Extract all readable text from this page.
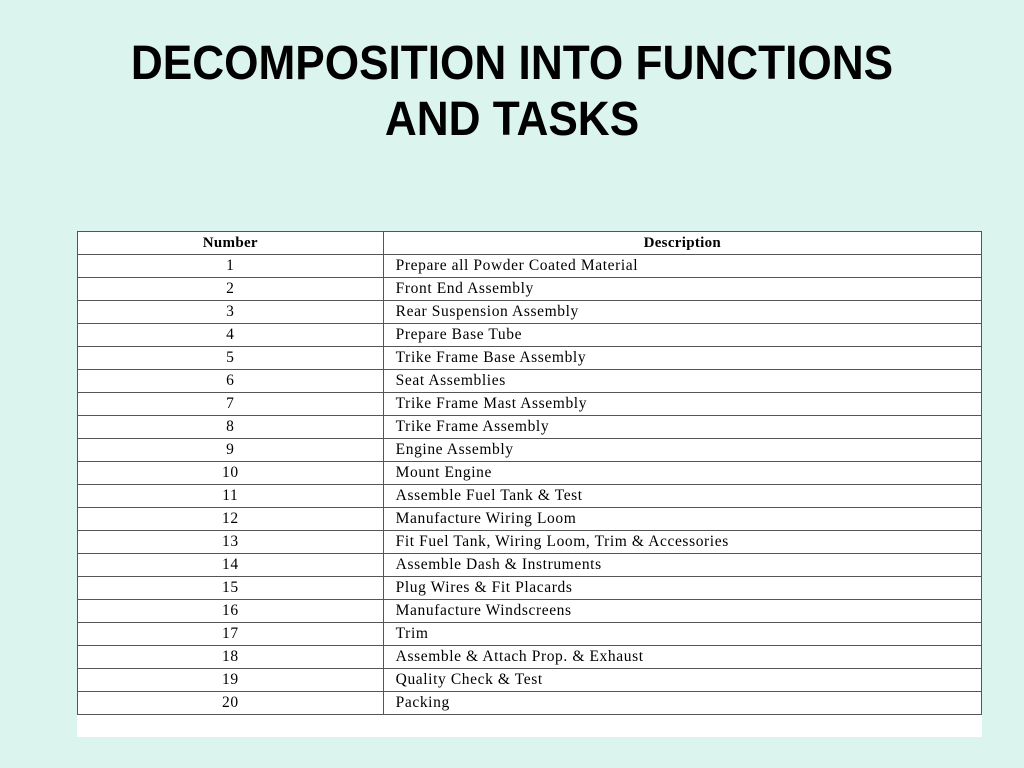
DECOMPOSITION INTO FUNCTIONS
AND TASKS
Number	Description
1	Prepare all Powder Coated Material
2	Front End Assembly
3	Rear Suspension Assembly
4	Prepare Base Tube
5	Trike Frame Base Assembly
6	Seat Assemblies
7	Trike Frame Mast Assembly
8	Trike Frame Assembly
9	Engine Assembly
10	Mount Engine
11	Assemble Fuel Tank & Test
12	Manufacture Wiring Loom
13	Fit Fuel Tank, Wiring Loom, Trim & Accessories
14	Assemble Dash & Instruments
15	Plug Wires & Fit Placards
16	Manufacture Windscreens
17	Trim
18	Assemble & Attach Prop. & Exhaust
19	Quality Check & Test
20	Packing
